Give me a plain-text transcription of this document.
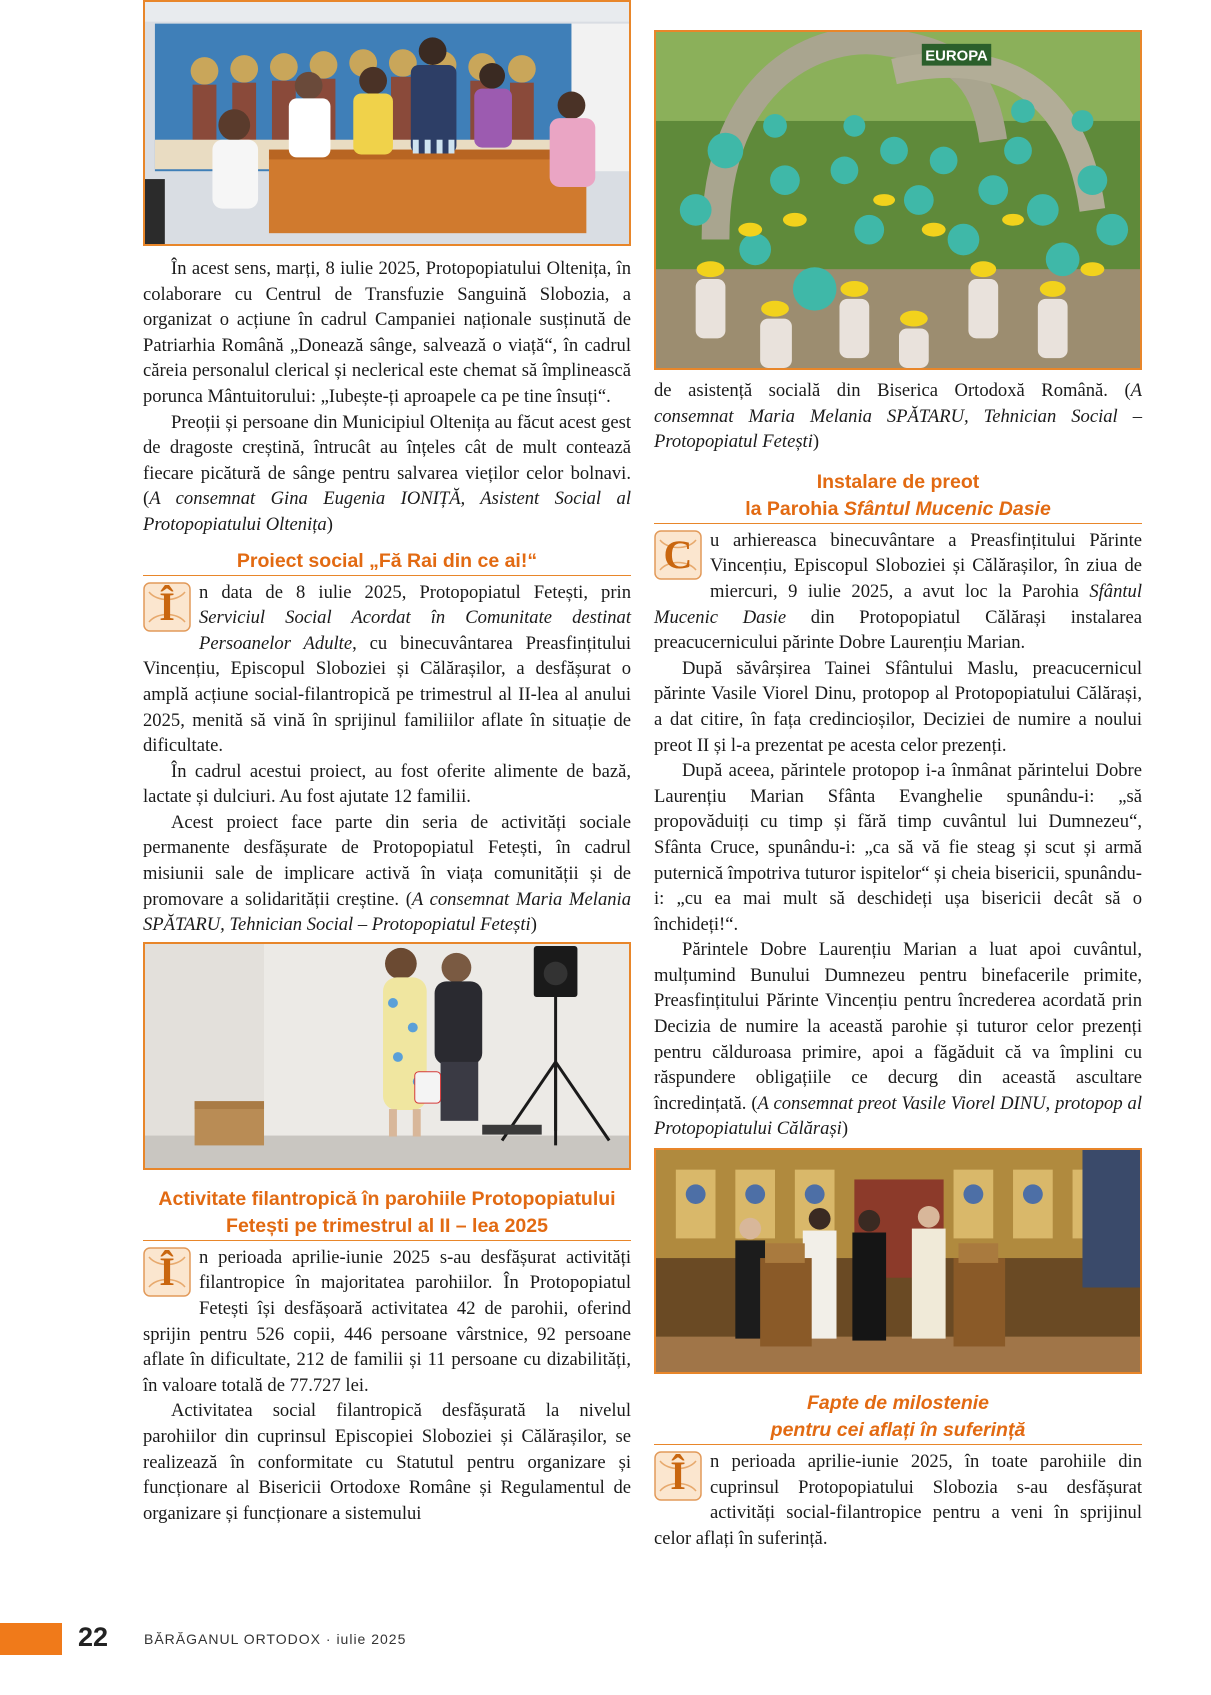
În acest sens, marți, 8 iulie 2025, Protopopiatului Oltenița, în colaborare cu Centrul de Transfuzie Sanguină Slobozia, a organizat o acțiune în cadrul Campaniei naționale susținută de Patriarhia Română „Donează sânge, salvează o viață“, în cadrul căreia personalul clerical și neclerical este chemat să împlinească porunca Mântuitorului: „Iubește-ți aproapele ca pe tine însuți“.

Preoții și persoane din Municipiul Oltenița au făcut acest gest de dragoste creștină, întrucât au înțeles cât de mult contează fiecare picătură de sânge pentru salvarea vieților celor bolnavi. (A consemnat Gina Eugenia IONIȚĂ, Asistent Social al Protopopiatului Oltenița)

Proiect social „Fă Rai din ce ai!“

Î	n data de 8 iulie 2025, Protopopiatul Fetești, prin Serviciul Social Acordat în Comunitate destinat Persoanelor Adulte, cu binecuvântarea Preasfințitului Vincențiu, Episcopul Sloboziei și Călărașilor, a desfășurat o amplă acțiune social-filantropică pe trimestrul al II-lea al anului 2025, menită să vină în sprijinul familiilor aflate în situație de dificultate.

În cadrul acestui proiect, au fost oferite alimente de bază, lactate și dulciuri. Au fost ajutate 12 familii.

Acest proiect face parte din seria de activități sociale permanente desfășurate de Protopopiatul Fetești, în cadrul misiunii sale de implicare activă în viața comunității și de promovare a solidarității creștine. (A consemnat Maria Melania SPĂTARU, Tehnician Social – Protopopiatul Fetești)

Activitate filantropică în parohiile Protopopiatului
Fetești pe trimestrul al II – lea 2025

Î	n perioada aprilie-iunie 2025 s-au desfășurat activități filantropice în majoritatea parohiilor. În Protopopiatul Fetești își desfășoară activitatea 42 de parohii, oferind sprijin pentru 526 copii, 446 persoane vârstnice, 92 persoane aflate în dificultate, 212 de familii și 11 persoane cu dizabilități, în valoare totală de 77.727 lei.

Activitatea social filantropică desfășurată la nivelul parohiilor din cuprinsul Episcopiei Sloboziei și Călărașilor, se realizează în conformitate cu Statutul pentru organizare și funcționare al Bisericii Ortodoxe Române și Regulamentul de organizare și funcționare a sistemului

EUROPA

de asistență socială din Biserica Ortodoxă Română. (A consemnat Maria Melania SPĂTARU, Tehnician Social – Protopopiatul Fetești)

Instalare de preot
la Parohia Sfântul Mucenic Dasie

C u arhiereasca binecuvântare a Preasfințitului Părinte Vincențiu, Episcopul Sloboziei și Călărașilor, în ziua de miercuri, 9 iulie 2025, a avut loc la Parohia Sfântul Mucenic Dasie din Protopopiatul Călărași instalarea preacucernicului părinte Dobre Laurențiu Marian.

După săvârșirea Tainei Sfântului Maslu, preacucernicul părinte Vasile Viorel Dinu, protopop al Protopopiatului Călărași, a dat citire, în fața credincioșilor, Deciziei de numire a noului preot II și l-a prezentat pe acesta celor prezenți.

După aceea, părintele protopop i-a înmânat părintelui Dobre Laurențiu Marian Sfânta Evanghelie spunându-i: „să propovăduiți cu timp și fără timp cuvântul lui Dumnezeu“, Sfânta Cruce, spunându-i: „ca să vă fie steag și scut și armă puternică împotriva tuturor ispitelor“ și cheia bisericii, spunându-i: „cu ea mai mult să deschideți ușa bisericii decât să o închideți!“.

Părintele Dobre Laurențiu Marian a luat apoi cuvântul, mulțumind Bunului Dumnezeu pentru binefacerile primite, Preasfințitului Părinte Vincențiu pentru încrederea acordată prin Decizia de numire la această parohie și tuturor celor prezenți pentru călduroasa primire, apoi a făgăduit că va împlini cu răspundere obligațiile ce decurg din această ascultare încredințată. (A consemnat preot Vasile Viorel DINU, protopop al Protopopiatului Călărași)

Fapte de milostenie
pentru cei aflați în suferință

Î	n perioada aprilie-iunie 2025, în toate parohiile din cuprinsul Protopopiatului Slobozia s-au desfășurat activități social-filantropice pentru a veni în sprijinul celor aflați în suferință.

22	BĂRĂGANUL ORTODOX · iulie 2025
